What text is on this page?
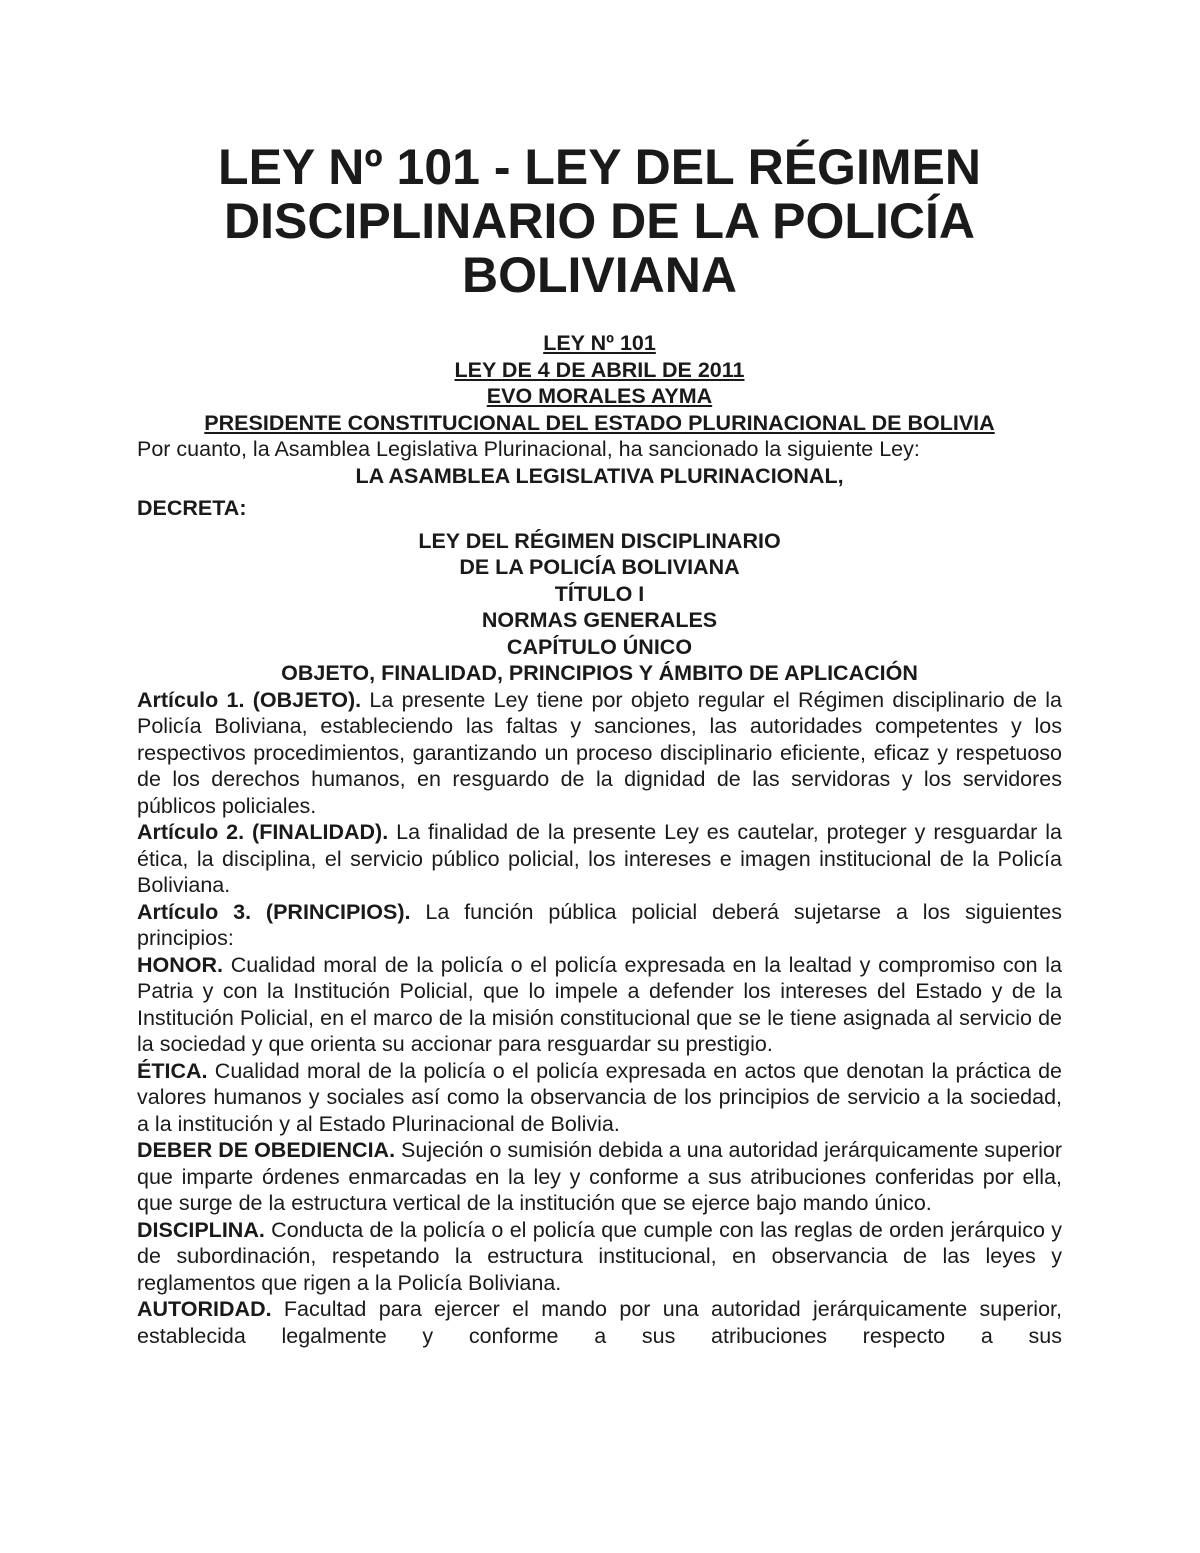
LEY Nº 101 - LEY DEL RÉGIMEN
DISCIPLINARIO DE LA POLICÍA
BOLIVIANA
LEY Nº 101
LEY DE 4 DE ABRIL DE 2011
EVO MORALES AYMA
PRESIDENTE CONSTITUCIONAL DEL ESTADO PLURINACIONAL DE BOLIVIA
Por cuanto, la Asamblea Legislativa Plurinacional, ha sancionado la siguiente Ley:
LA ASAMBLEA LEGISLATIVA PLURINACIONAL,
DECRETA:
LEY DEL RÉGIMEN DISCIPLINARIO
DE LA POLICÍA BOLIVIANA
TÍTULO I
NORMAS GENERALES
CAPÍTULO ÚNICO
OBJETO, FINALIDAD, PRINCIPIOS Y ÁMBITO DE APLICACIÓN

Artículo 1. (OBJETO). La presente Ley tiene por objeto regular el Régimen disciplinario de la Policía Boliviana, estableciendo las faltas y sanciones, las autoridades competentes y los respectivos procedimientos, garantizando un proceso disciplinario eficiente, eficaz y respetuoso de los derechos humanos, en resguardo de la dignidad de las servidoras y los servidores públicos policiales.

Artículo 2. (FINALIDAD). La finalidad de la presente Ley es cautelar, proteger y resguardar la ética, la disciplina, el servicio público policial, los intereses e imagen institucional de la Policía Boliviana.

Artículo 3. (PRINCIPIOS). La función pública policial deberá sujetarse a los siguientes principios:

HONOR. Cualidad moral de la policía o el policía expresada en la lealtad y compromiso con la Patria y con la Institución Policial, que lo impele a defender los intereses del Estado y de la Institución Policial, en el marco de la misión constitucional que se le tiene asignada al servicio de la sociedad y que orienta su accionar para resguardar su prestigio.

ÉTICA. Cualidad moral de la policía o el policía expresada en actos que denotan la práctica de valores humanos y sociales así como la observancia de los principios de servicio a la sociedad, a la institución y al Estado Plurinacional de Bolivia.

DEBER DE OBEDIENCIA. Sujeción o sumisión debida a una autoridad jerárquicamente superior que imparte órdenes enmarcadas en la ley y conforme a sus atribuciones conferidas por ella, que surge de la estructura vertical de la institución que se ejerce bajo mando único.

DISCIPLINA. Conducta de la policía o el policía que cumple con las reglas de orden jerárquico y de subordinación, respetando la estructura institucional, en observancia de las leyes y reglamentos que rigen a la Policía Boliviana.

AUTORIDAD. Facultad para ejercer el mando por una autoridad jerárquicamente superior, establecida legalmente y conforme a sus atribuciones respecto a sus
